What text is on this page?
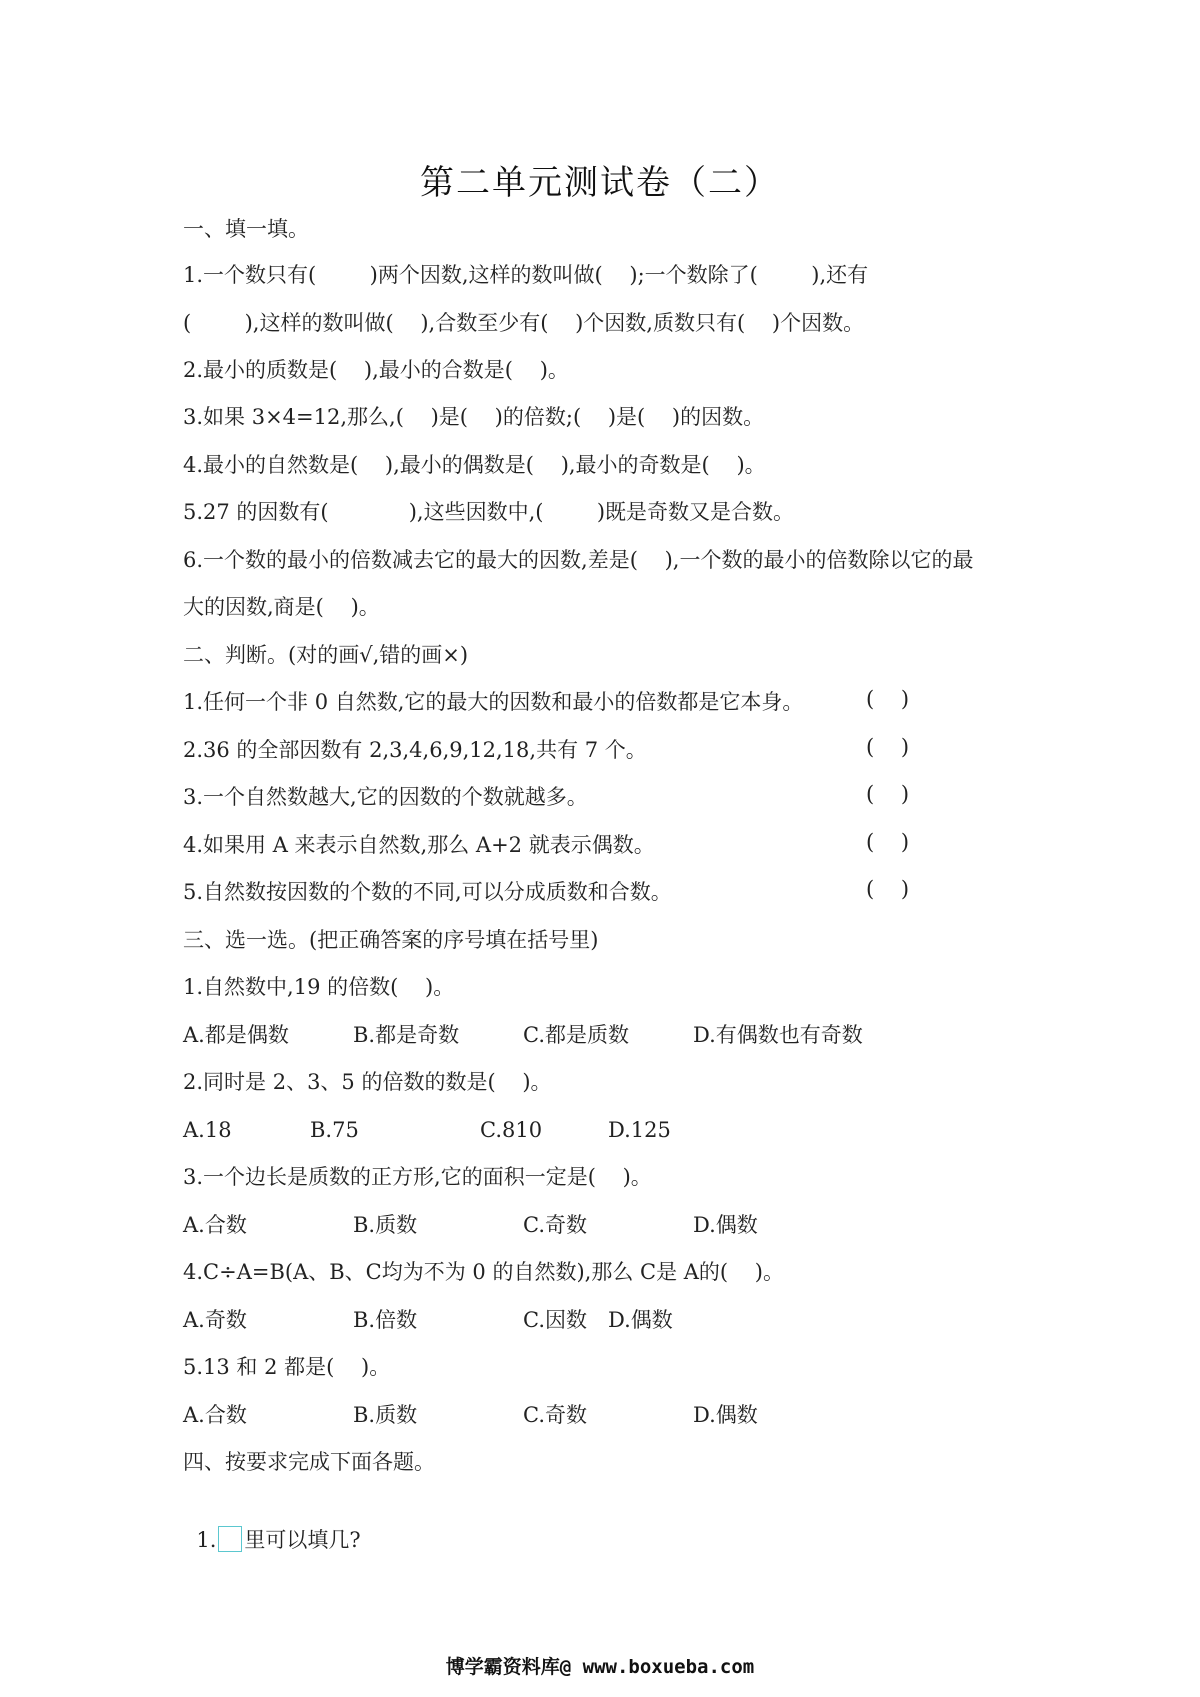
第二单元测试卷（二）
一、填一填。
1.一个数只有(        )两个因数,这样的数叫做(    );一个数除了(        ),还有
(        ),这样的数叫做(    ),合数至少有(    )个因数,质数只有(    )个因数。
2.最小的质数是(    ),最小的合数是(    )。
3.如果 3×4=12,那么,(    )是(    )的倍数;(    )是(    )的因数。
4.最小的自然数是(    ),最小的偶数是(    ),最小的奇数是(    )。
5.27 的因数有(            ),这些因数中,(        )既是奇数又是合数。
6.一个数的最小的倍数减去它的最大的因数,差是(    ),一个数的最小的倍数除以它的最
大的因数,商是(    )。
二、判断。(对的画√,错的画×)
1.任何一个非 0 自然数,它的最大的因数和最小的倍数都是它本身。	(    )
2.36 的全部因数有 2,3,4,6,9,12,18,共有 7 个。	(    )
3.一个自然数越大,它的因数的个数就越多。	(    )
4.如果用 A 来表示自然数,那么 A+2 就表示偶数。	(    )
5.自然数按因数的个数的不同,可以分成质数和合数。	(    )
三、选一选。(把正确答案的序号填在括号里)
1.自然数中,19 的倍数(    )。
A.都是偶数	B.都是奇数	C.都是质数	D.有偶数也有奇数
2.同时是 2、3、5 的倍数的数是(    )。
A.18	B.75	C.810	D.125
3.一个边长是质数的正方形,它的面积一定是(    )。
A.合数	B.质数	C.奇数	D.偶数
4.C÷A=B(A、B、C均为不为 0 的自然数),那么 C是 A的(    )。
A.奇数	B.倍数	C.因数 D.偶数
5.13 和 2 都是(    )。
A.合数	B.质数	C.奇数	D.偶数
四、按要求完成下面各题。

1. 里可以填几?

博学霸资料库@ www.boxueba.com
